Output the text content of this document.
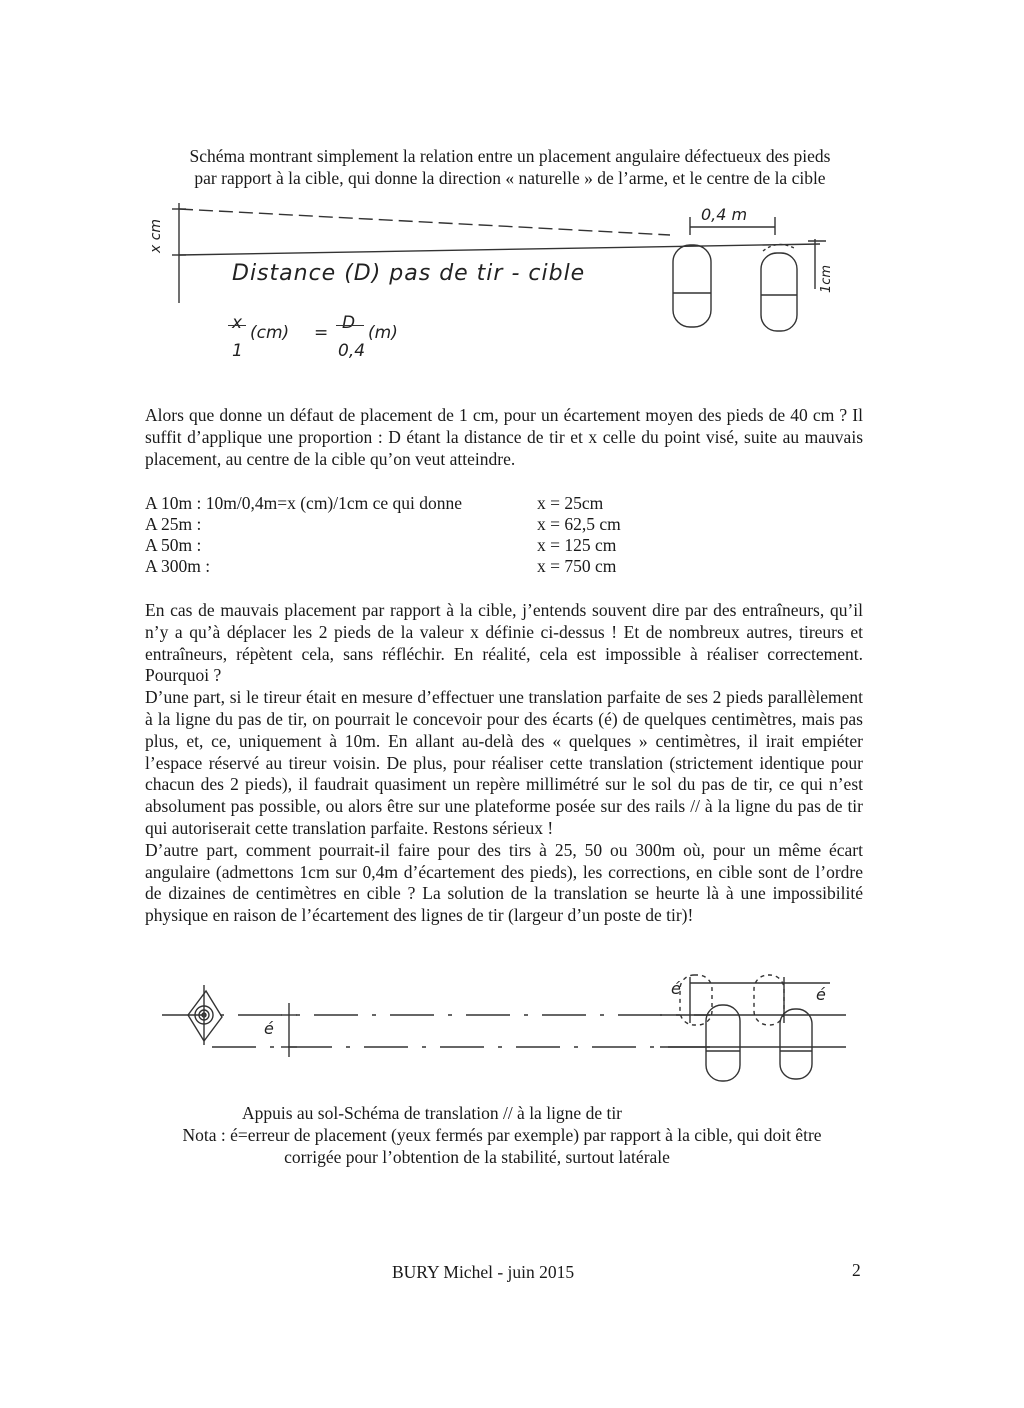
Schéma montrant simplement la relation entre un placement angulaire défectueux des pieds
par rapport à la cible, qui donne la direction « naturelle » de l’arme, et le centre de la cible
x cm
0,4 m
1cm
Distance (D) pas de tir - cible
x
1
(cm) = D
0,4
(m)

Alors que donne un défaut de placement de 1 cm, pour un écartement moyen des pieds de 40 cm ? Il suffit d’applique une proportion : D étant la distance de tir et x celle du point visé, suite au mauvais placement, au centre de la cible qu’on veut atteindre.

A 10m : 10m/0,4m=x (cm)/1cm ce qui donne	x = 25cm
A 25m :	x = 62,5 cm
A 50m :	x = 125 cm
A 300m :	x = 750 cm

En cas de mauvais placement par rapport à la cible, j’entends souvent dire par des entraîneurs, qu’il n’y a qu’à déplacer les 2 pieds de la valeur x définie ci-dessus ! Et de nombreux autres, tireurs et entraîneurs, répètent cela, sans réfléchir. En réalité, cela est impossible à réaliser correctement. Pourquoi ?

D’une part, si le tireur était en mesure d’effectuer une translation parfaite de ses 2 pieds parallèlement à la ligne du pas de tir, on pourrait le concevoir pour des écarts (é) de quelques centimètres, mais pas plus, et, ce, uniquement à 10m. En allant au-delà des « quelques » centimètres, il irait empiéter l’espace réservé au tireur voisin. De plus, pour réaliser cette translation (strictement identique pour chacun des 2 pieds), il faudrait quasiment un repère millimétré sur le sol du pas de tir, ce qui n’est absolument pas possible, ou alors être sur une plateforme posée sur des rails // à la ligne du pas de tir qui autoriserait cette translation parfaite. Restons sérieux !

D’autre part, comment pourrait-il faire pour des tirs à 25, 50 ou 300m où, pour un même écart angulaire (admettons 1cm sur 0,4m d’écartement des pieds), les corrections, en cible sont de l’ordre de dizaines de centimètres en cible ? La solution de la translation se heurte là à une impossibilité physique en raison de l’écartement des lignes de tir (largeur d’un poste de tir)!

é
é	é
Appuis au sol-Schéma de translation // à la ligne de tir
Nota : é=erreur de placement (yeux fermés par exemple) par rapport à la cible, qui doit être
corrigée pour l’obtention de la stabilité, surtout latérale
BURY Michel - juin 2015	2
